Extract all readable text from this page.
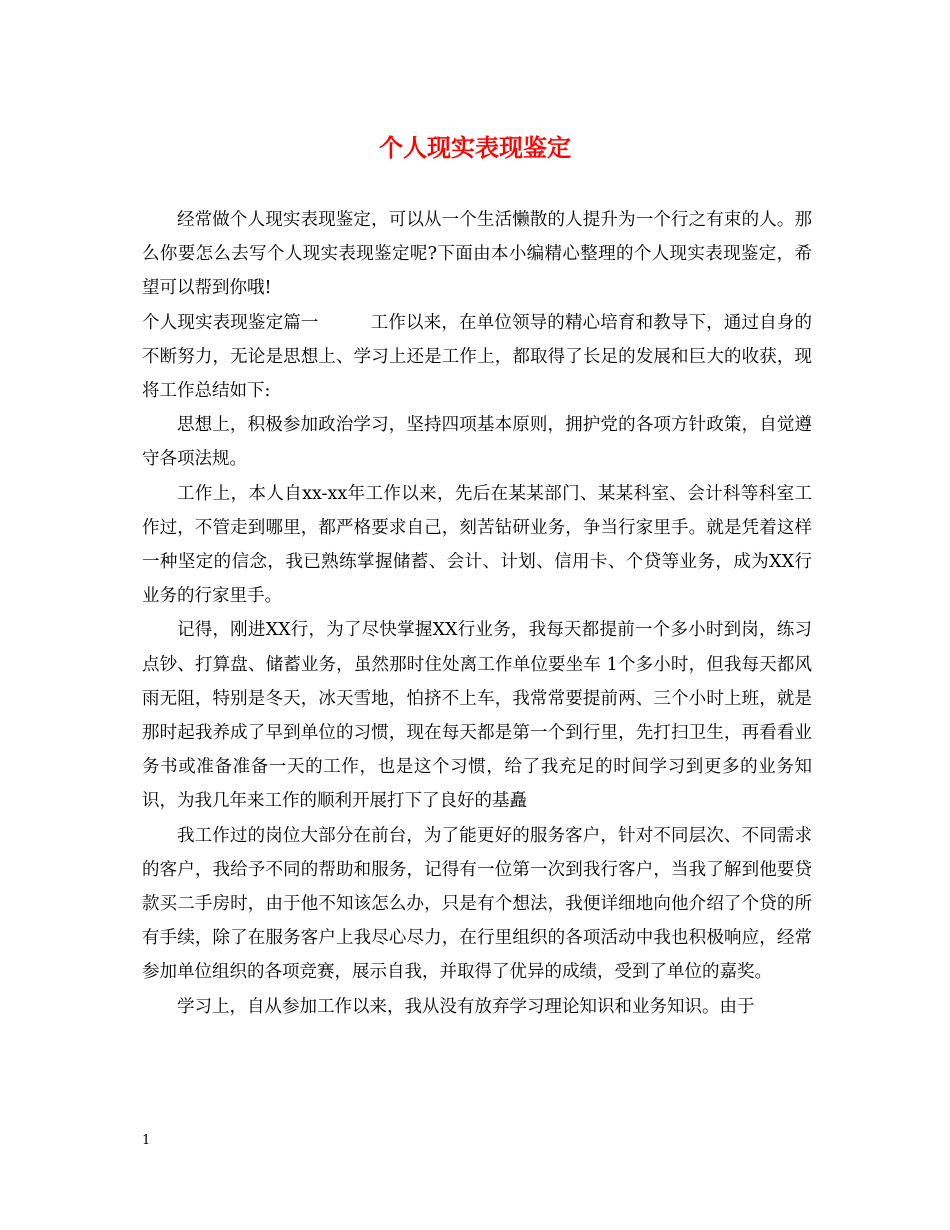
个人现实表现鉴定

经常做个人现实表现鉴定，可以从一个生活懒散的人提升为一个行之有束的人。那么你要怎么去写个人现实表现鉴定呢?下面由本小编精心整理的个人现实表现鉴定，希望可以帮到你哦!

个人现实表现鉴定篇一	工作以来，在单位领导的精心培育和教导下，通过自身的不断努力，无论是思想上、学习上还是工作上，都取得了长足的发展和巨大的收获，现将工作总结如下:

思想上，积极参加政治学习，坚持四项基本原则，拥护党的各项方针政策，自觉遵守各项法规。

工作上，本人自xx-xx年工作以来，先后在某某部门、某某科室、会计科等科室工作过，不管走到哪里，都严格要求自己，刻苦钻研业务，争当行家里手。就是凭着这样一种坚定的信念，我已熟练掌握储蓄、会计、计划、信用卡、个贷等业务，成为XX行业务的行家里手。

记得，刚进XX行，为了尽快掌握XX行业务，我每天都提前一个多小时到岗，练习点钞、打算盘、储蓄业务，虽然那时住处离工作单位要坐车 1个多小时，但我每天都风雨无阻，特别是冬天，冰天雪地，怕挤不上车，我常常要提前两、三个小时上班，就是那时起我养成了早到单位的习惯，现在每天都是第一个到行里，先打扫卫生，再看看业务书或准备准备一天的工作，也是这个习惯，给了我充足的时间学习到更多的业务知识，为我几年来工作的顺利开展打下了良好的基矗

我工作过的岗位大部分在前台，为了能更好的服务客户，针对不同层次、不同需求的客户，我给予不同的帮助和服务，记得有一位第一次到我行客户，当我了解到他要贷款买二手房时，由于他不知该怎么办，只是有个想法，我便详细地向他介绍了个贷的所有手续，除了在服务客户上我尽心尽力，在行里组织的各项活动中我也积极响应，经常参加单位组织的各项竞赛，展示自我，并取得了优异的成绩，受到了单位的嘉奖。

学习上，自从参加工作以来，我从没有放弃学习理论知识和业务知识。由于

1
